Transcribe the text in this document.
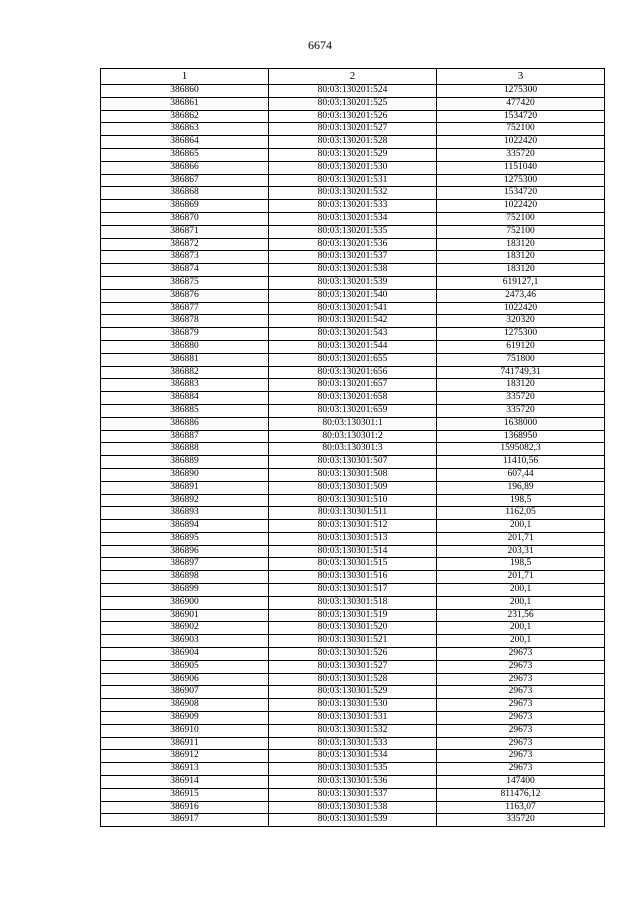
6674
1	2	3
386860	80:03:130201:524	1275300
386861	80:03:130201:525	477420
386862	80:03:130201:526	1534720
386863	80:03:130201:527	752100
386864	80:03:130201:528	1022420
386865	80:03:130201:529	335720
386866	80:03:130201:530	1151040
386867	80:03:130201:531	1275300
386868	80:03:130201:532	1534720
386869	80:03:130201:533	1022420
386870	80:03:130201:534	752100
386871	80:03:130201:535	752100
386872	80:03:130201:536	183120
386873	80:03:130201:537	183120
386874	80:03:130201:538	183120
386875	80:03:130201:539	619127,1
386876	80:03:130201:540	2473,46
386877	80:03:130201:541	1022420
386878	80:03:130201:542	320320
386879	80:03:130201:543	1275300
386880	80:03:130201:544	619120
386881	80:03:130201:655	751800
386882	80:03:130201:656	741749,31
386883	80:03:130201:657	183120
386884	80:03:130201:658	335720
386885	80:03:130201:659	335720
386886	80:03:130301:1	1638000
386887	80:03:130301:2	1368950
386888	80:03:130301:3	1595082,3
386889	80:03:130301:507	11410,56
386890	80:03:130301:508	607,44
386891	80:03:130301:509	196,89
386892	80:03:130301:510	198,5
386893	80:03:130301:511	1162,05
386894	80:03:130301:512	200,1
386895	80:03:130301:513	201,71
386896	80:03:130301:514	203,31
386897	80:03:130301:515	198,5
386898	80:03:130301:516	201,71
386899	80:03:130301:517	200,1
386900	80:03:130301:518	200,1
386901	80:03:130301:519	231,56
386902	80:03:130301:520	200,1
386903	80:03:130301:521	200,1
386904	80:03:130301:526	29673
386905	80:03:130301:527	29673
386906	80:03:130301:528	29673
386907	80:03:130301:529	29673
386908	80:03:130301:530	29673
386909	80:03:130301:531	29673
386910	80:03:130301:532	29673
386911	80:03:130301:533	29673
386912	80:03:130301:534	29673
386913	80:03:130301:535	29673
386914	80:03:130301:536	147400
386915	80:03:130301:537	811476,12
386916	80:03:130301:538	1163,07
386917	80:03:130301:539	335720
